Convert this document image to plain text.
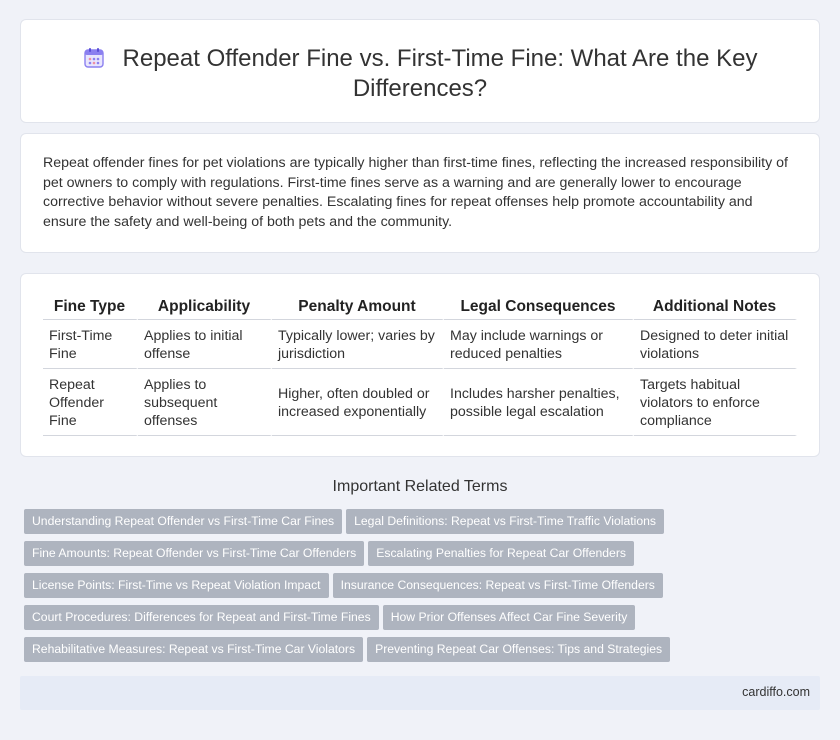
Repeat Offender Fine vs. First-Time Fine: What Are the Key Differences?

Repeat offender fines for pet violations are typically higher than first-time fines, reflecting the increased responsibility of pet owners to comply with regulations. First-time fines serve as a warning and are generally lower to encourage corrective behavior without severe penalties. Escalating fines for repeat offenses help promote accountability and ensure the safety and well-being of both pets and the community.

Fine Type	Applicability	Penalty Amount	Legal Consequences	Additional Notes
First-Time Fine	Applies to initial offense	Typically lower; varies by jurisdiction	May include warnings or reduced penalties	Designed to deter initial violations
Repeat Offender Fine	Applies to subsequent offenses	Higher, often doubled or increased exponentially	Includes harsher penalties, possible legal escalation	Targets habitual violators to enforce compliance
Important Related Terms
Understanding Repeat Offender vs First-Time Car Fines Legal Definitions: Repeat vs First-Time Traffic Violations
Fine Amounts: Repeat Offender vs First-Time Car Offenders Escalating Penalties for Repeat Car Offenders
License Points: First-Time vs Repeat Violation Impact Insurance Consequences: Repeat vs First-Time Offenders
Court Procedures: Differences for Repeat and First-Time Fines How Prior Offenses Affect Car Fine Severity
Rehabilitative Measures: Repeat vs First-Time Car Violators Preventing Repeat Car Offenses: Tips and Strategies
cardiffo.com
